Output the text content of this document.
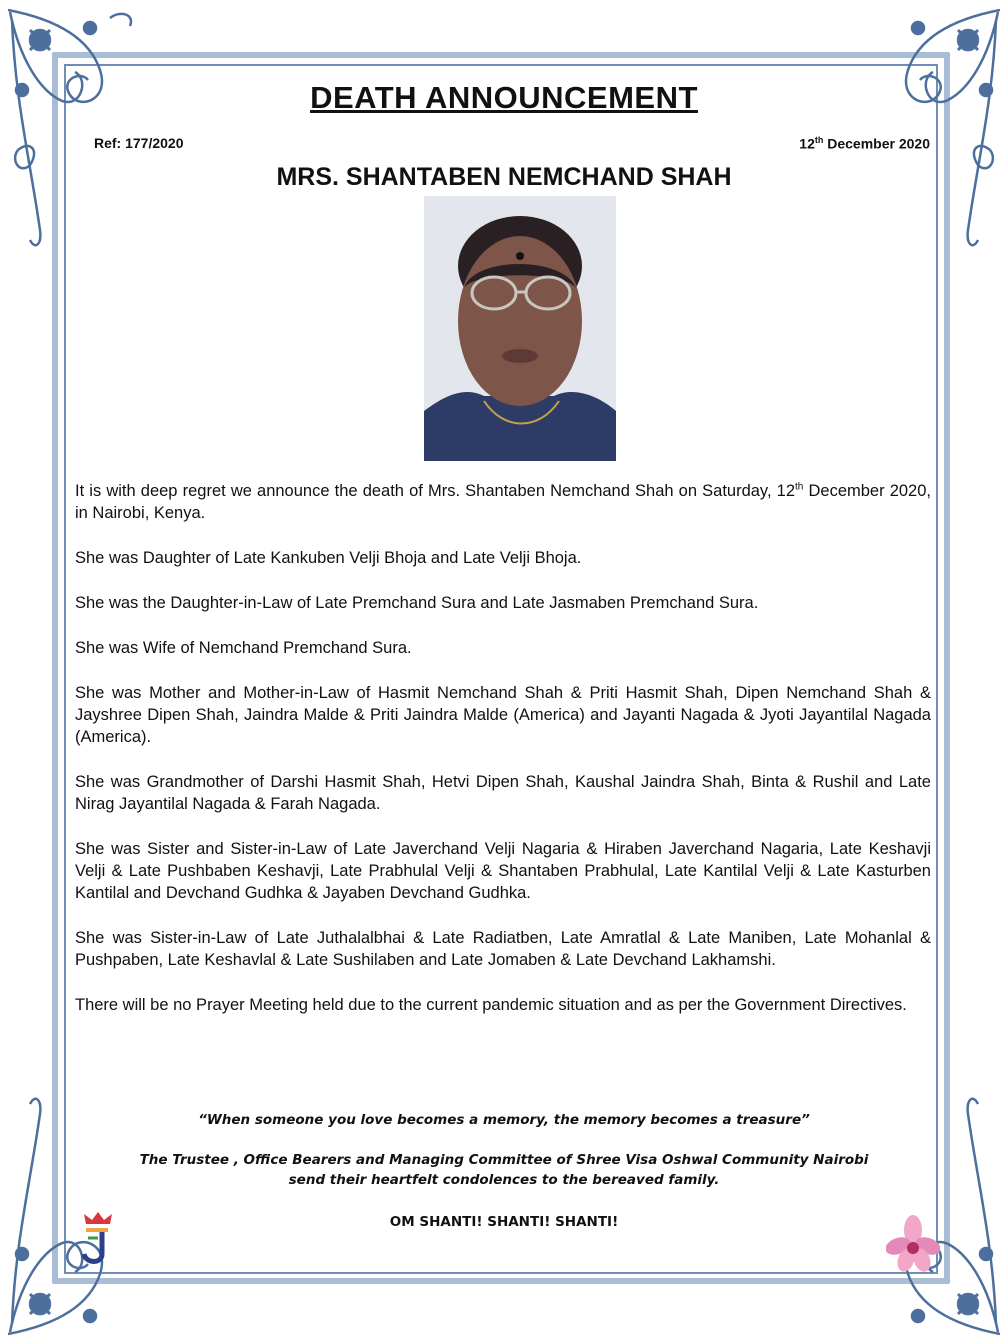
DEATH ANNOUNCEMENT
Ref: 177/2020	12th December 2020
MRS. SHANTABEN NEMCHAND SHAH

It is with deep regret we announce the death of Mrs. Shantaben Nemchand Shah on Saturday, 12th December 2020, in Nairobi, Kenya.

She was Daughter of Late Kankuben Velji Bhoja and Late Velji Bhoja.

She was the Daughter-in-Law of Late Premchand Sura and Late Jasmaben Premchand Sura.

She was Wife of Nemchand Premchand Sura.

She was Mother and Mother-in-Law of Hasmit Nemchand Shah & Priti Hasmit Shah, Dipen Nemchand Shah & Jayshree Dipen Shah, Jaindra Malde & Priti Jaindra Malde (America) and Jayanti Nagada & Jyoti Jayantilal Nagada (America).

She was Grandmother of Darshi Hasmit Shah, Hetvi Dipen Shah, Kaushal Jaindra Shah, Binta & Rushil and Late Nirag Jayantilal Nagada & Farah Nagada.

She was Sister and Sister-in-Law of Late Javerchand Velji Nagaria & Hiraben Javerchand Nagaria, Late Keshavji Velji & Late Pushbaben Keshavji, Late Prabhulal Velji & Shantaben Prabhulal, Late Kantilal Velji & Late Kasturben Kantilal and Devchand Gudhka & Jayaben Devchand Gudhka.

She was Sister-in-Law of Late Juthalalbhai & Late Radiatben, Late Amratlal & Late Maniben, Late Mohanlal & Pushpaben, Late Keshavlal & Late Sushilaben and Late Jomaben & Late Devchand Lakhamshi.

There will be no Prayer Meeting held due to the current pandemic situation and as per the Government Directives.

“When someone you love becomes a memory, the memory becomes a treasure”
The Trustee , Office Bearers and Managing Committee of Shree Visa Oshwal Community Nairobi
send their heartfelt condolences to the bereaved family.
OM SHANTI! SHANTI! SHANTI!
